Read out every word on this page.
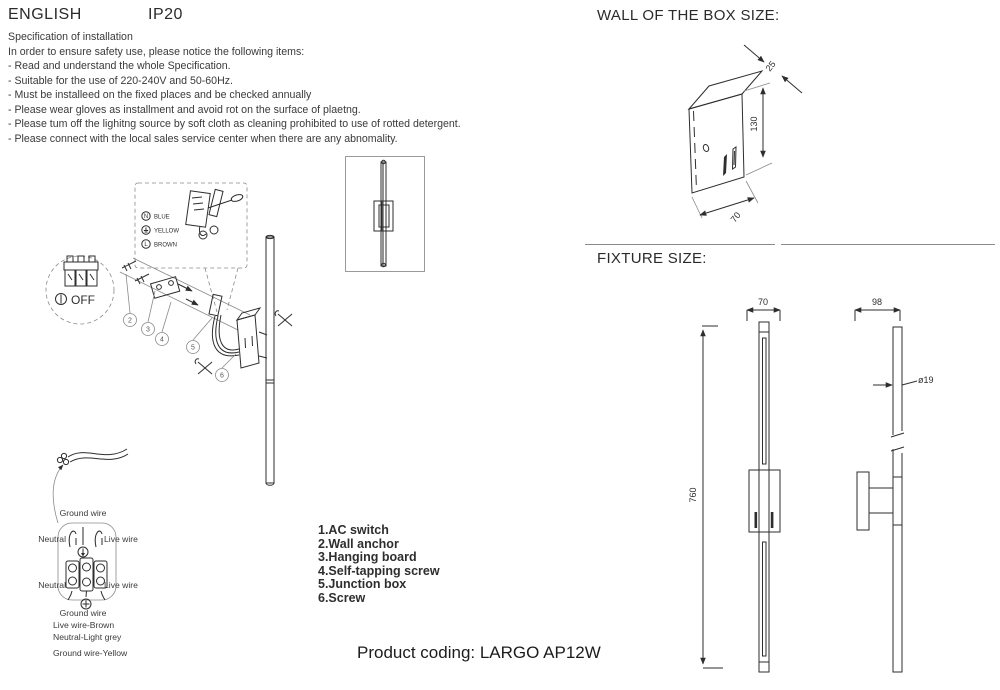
ENGLISH	IP20
Specification of installation
In order to ensure safety use, please notice the following items:
- Read and understand the whole Specification.
- Suitable for the use of 220-240V and 50-60Hz.
- Must be installeed on the fixed places and be checked annually
- Please wear gloves as installment and avoid rot on the surface of plaetng.
- Please tum off the lighitng source by soft cloth as cleaning prohibited to use of rotted detergent.
- Please connect with the local sales service center when there are any abnomality.
WALL OF THE BOX SIZE:
25
130
70
FIXTURE SIZE:
760
70	98
ø19
OFF
N BLUE
YELLOW
L BROWN
2
3
4
5
6
Ground wire
Neutral	Live wire
Neutral	Live wire
Ground wire
Live wire-Brown
Neutral-Light grey
Ground wire-Yellow
1.AC switch
2.Wall anchor
3.Hanging board
4.Self-tapping screw
5.Junction box
6.Screw
Product coding: LARGO AP12W
